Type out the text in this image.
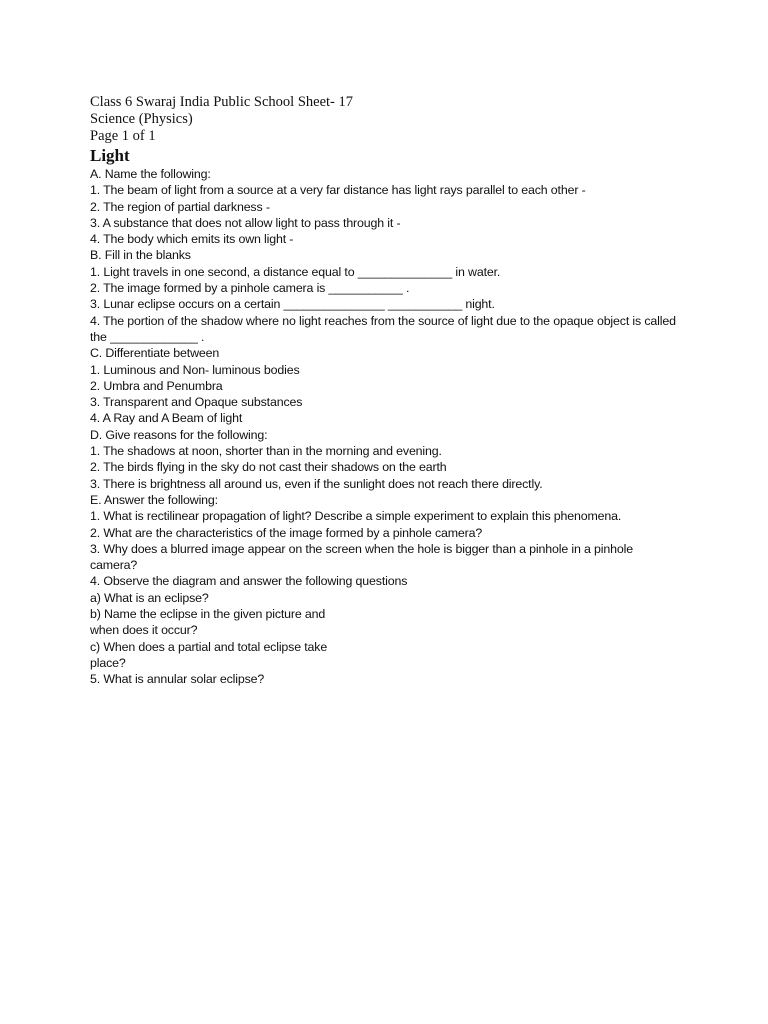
Class 6 Swaraj India Public School Sheet- 17
Science (Physics)
Page 1 of 1
Light
A. Name the following:
1. The beam of light from a source at a very far distance has light rays parallel to each other -
2. The region of partial darkness -
3. A substance that does not allow light to pass through it -
4. The body which emits its own light -
B. Fill in the blanks
1. Light travels in one second, a distance equal to ______________ in water.
2. The image formed by a pinhole camera is ___________ .
3. Lunar eclipse occurs on a certain _______________ ___________ night.
4. The portion of the shadow where no light reaches from the source of light due to the opaque object is called
the _____________ .
C. Differentiate between
1. Luminous and Non- luminous bodies
2. Umbra and Penumbra
3. Transparent and Opaque substances
4. A Ray and A Beam of light
D. Give reasons for the following:
1. The shadows at noon, shorter than in the morning and evening.
2. The birds flying in the sky do not cast their shadows on the earth
3. There is brightness all around us, even if the sunlight does not reach there directly.
E. Answer the following:
1. What is rectilinear propagation of light? Describe a simple experiment to explain this phenomena.
2. What are the characteristics of the image formed by a pinhole camera?
3. Why does a blurred image appear on the screen when the hole is bigger than a pinhole in a pinhole camera?
4. Observe the diagram and answer the following questions
a) What is an eclipse?
b) Name the eclipse in the given picture and
when does it occur?
c) When does a partial and total eclipse take
place?
5. What is annular solar eclipse?
